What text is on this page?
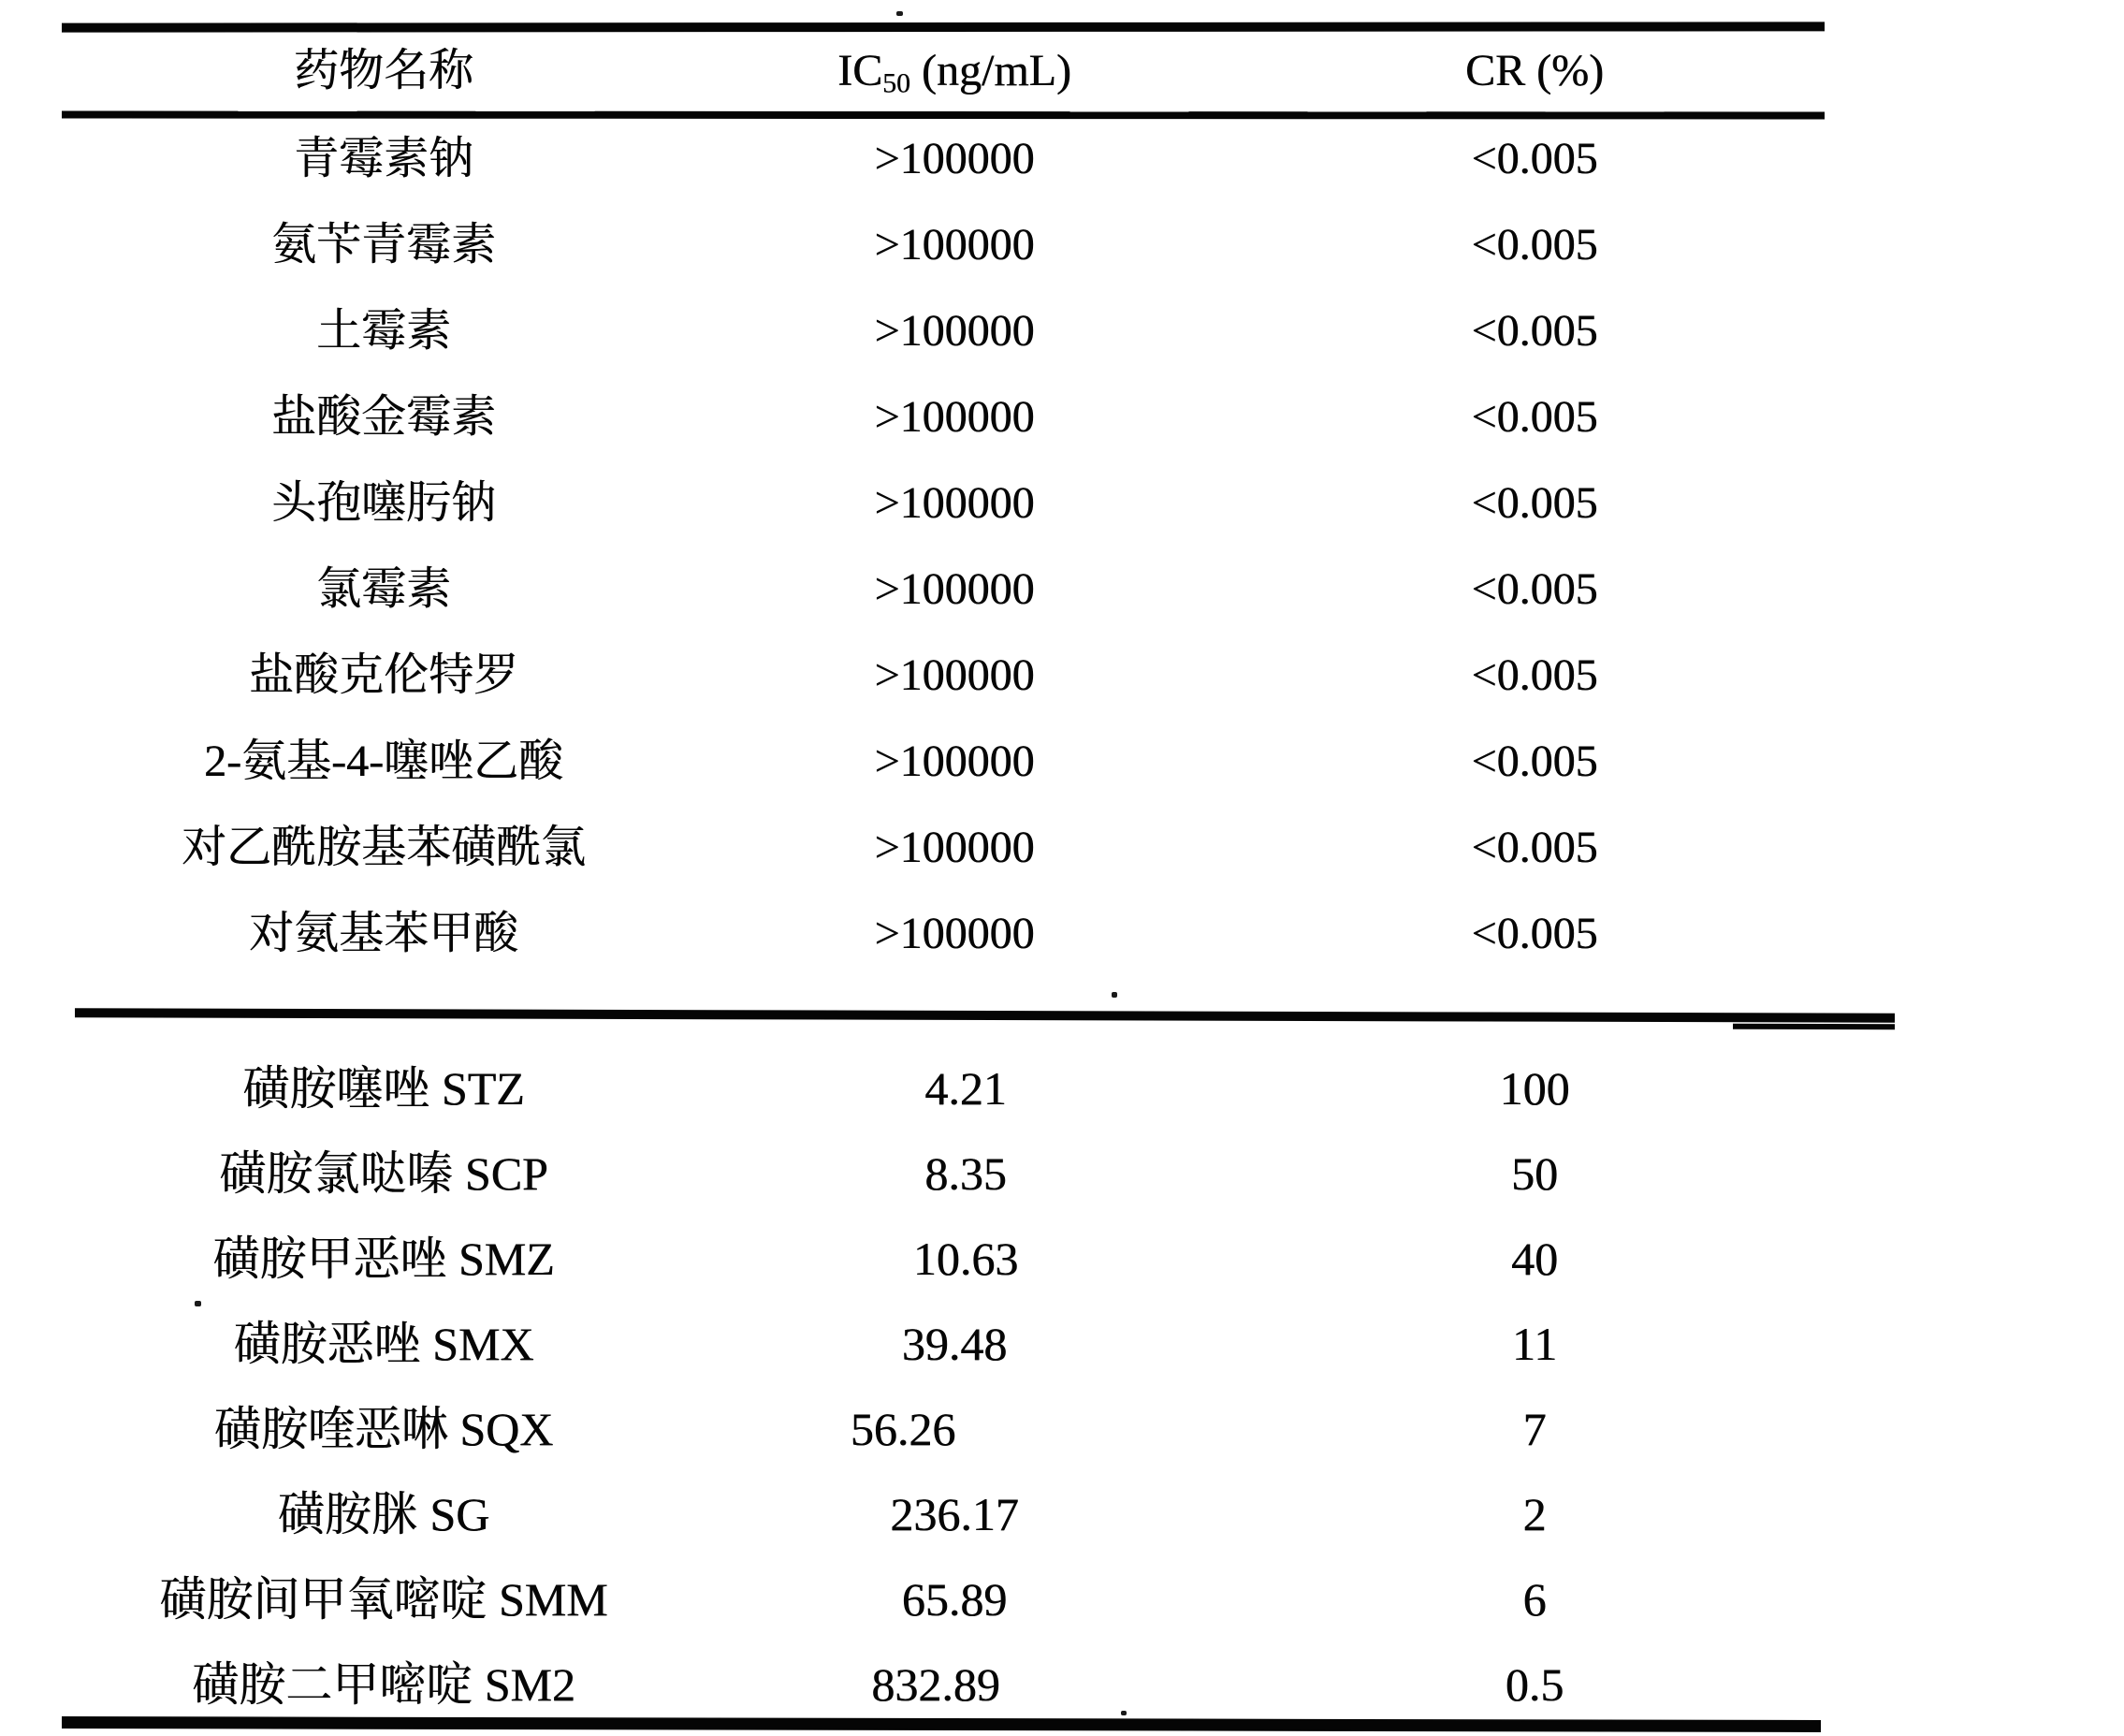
药物名称	$IC_{50}$ (ng/mL)	CR (%)
青霉素钠	>100000	<0.005
氨苄青霉素	>100000	<0.005
土霉素	>100000	<0.005
盐酸金霉素	>100000	<0.005
头孢噻肟钠	>100000	<0.005
氯霉素	>100000	<0.005
盐酸克伦特罗	>100000	<0.005
2-氨基-4-噻唑乙酸	>100000	<0.005
对乙酰胺基苯磺酰氯	>100000	<0.005
对氨基苯甲酸	>100000	<0.005
磺胺噻唑 STZ	4.21	100
磺胺氯哒嗪 SCP	8.35	50
磺胺甲恶唑 SMZ	10.63	40
磺胺恶唑 SMX	39.48	11
磺胺喹恶啉 SQX	56.26	7
磺胺脒 SG	236.17	2
磺胺间甲氧嘧啶 SMM	65.89	6
磺胺二甲嘧啶 SM2	832.89	0.5
